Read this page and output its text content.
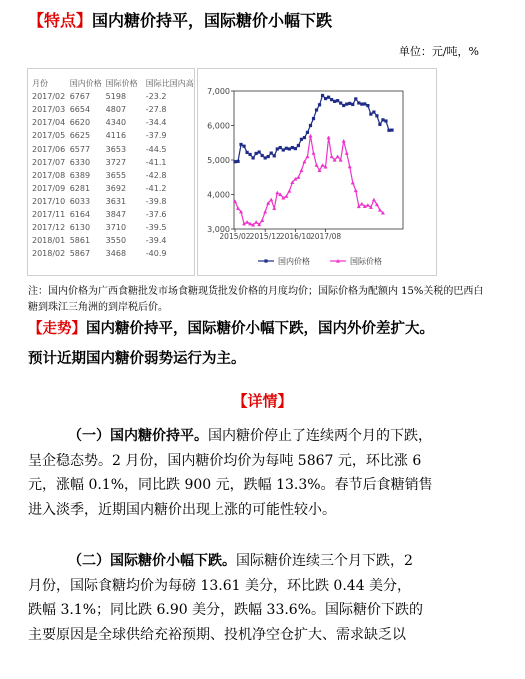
【特点】国内糖价持平，国际糖价小幅下跌
单位：元/吨，%
月份	国内价格	国际价格	国际比国内高
2017/02	6767	5198	-23.2
2017/03	6654	4807	-27.8
2017/04	6620	4340	-34.4
2017/05	6625	4116	-37.9
2017/06	6577	3653	-44.5
2017/07	6330	3727	-41.1
2017/08	6389	3655	-42.8
2017/09	6281	3692	-41.2
2017/10	6033	3631	-39.8
2017/11	6164	3847	-37.6
2017/12	6130	3710	-39.5
2018/01	5861	3550	-39.4
2018/02	5867	3468	-40.9
7,000
6,000
5,000
4,000
3,000
2015/02 2015/12 2016/10 2017/08
国内价格	国际价格
注：国内价格为广西食糖批发市场食糖现货批发价格的月度均价；国际价格为配额内 15%关税的巴西白糖到珠江三角洲的到岸税后价。
【走势】国内糖价持平，国际糖价小幅下跌，国内外价差扩大。
预计近期国内糖价弱势运行为主。
【详情】
（一）国内糖价持平。国内糖价停止了连续两个月的下跌，
呈企稳态势。2 月份，国内糖价均价为每吨 5867 元，环比涨 6
元，涨幅 0.1%，同比跌 900 元，跌幅 13.3%。春节后食糖销售
进入淡季，近期国内糖价出现上涨的可能性较小。
（二）国际糖价小幅下跌。国际糖价连续三个月下跌，2
月份，国际食糖均价为每磅 13.61 美分，环比跌 0.44 美分，
跌幅 3.1%；同比跌 6.90 美分，跌幅 33.6%。国际糖价下跌的
主要原因是全球供给充裕预期、投机净空仓扩大、需求缺乏以
